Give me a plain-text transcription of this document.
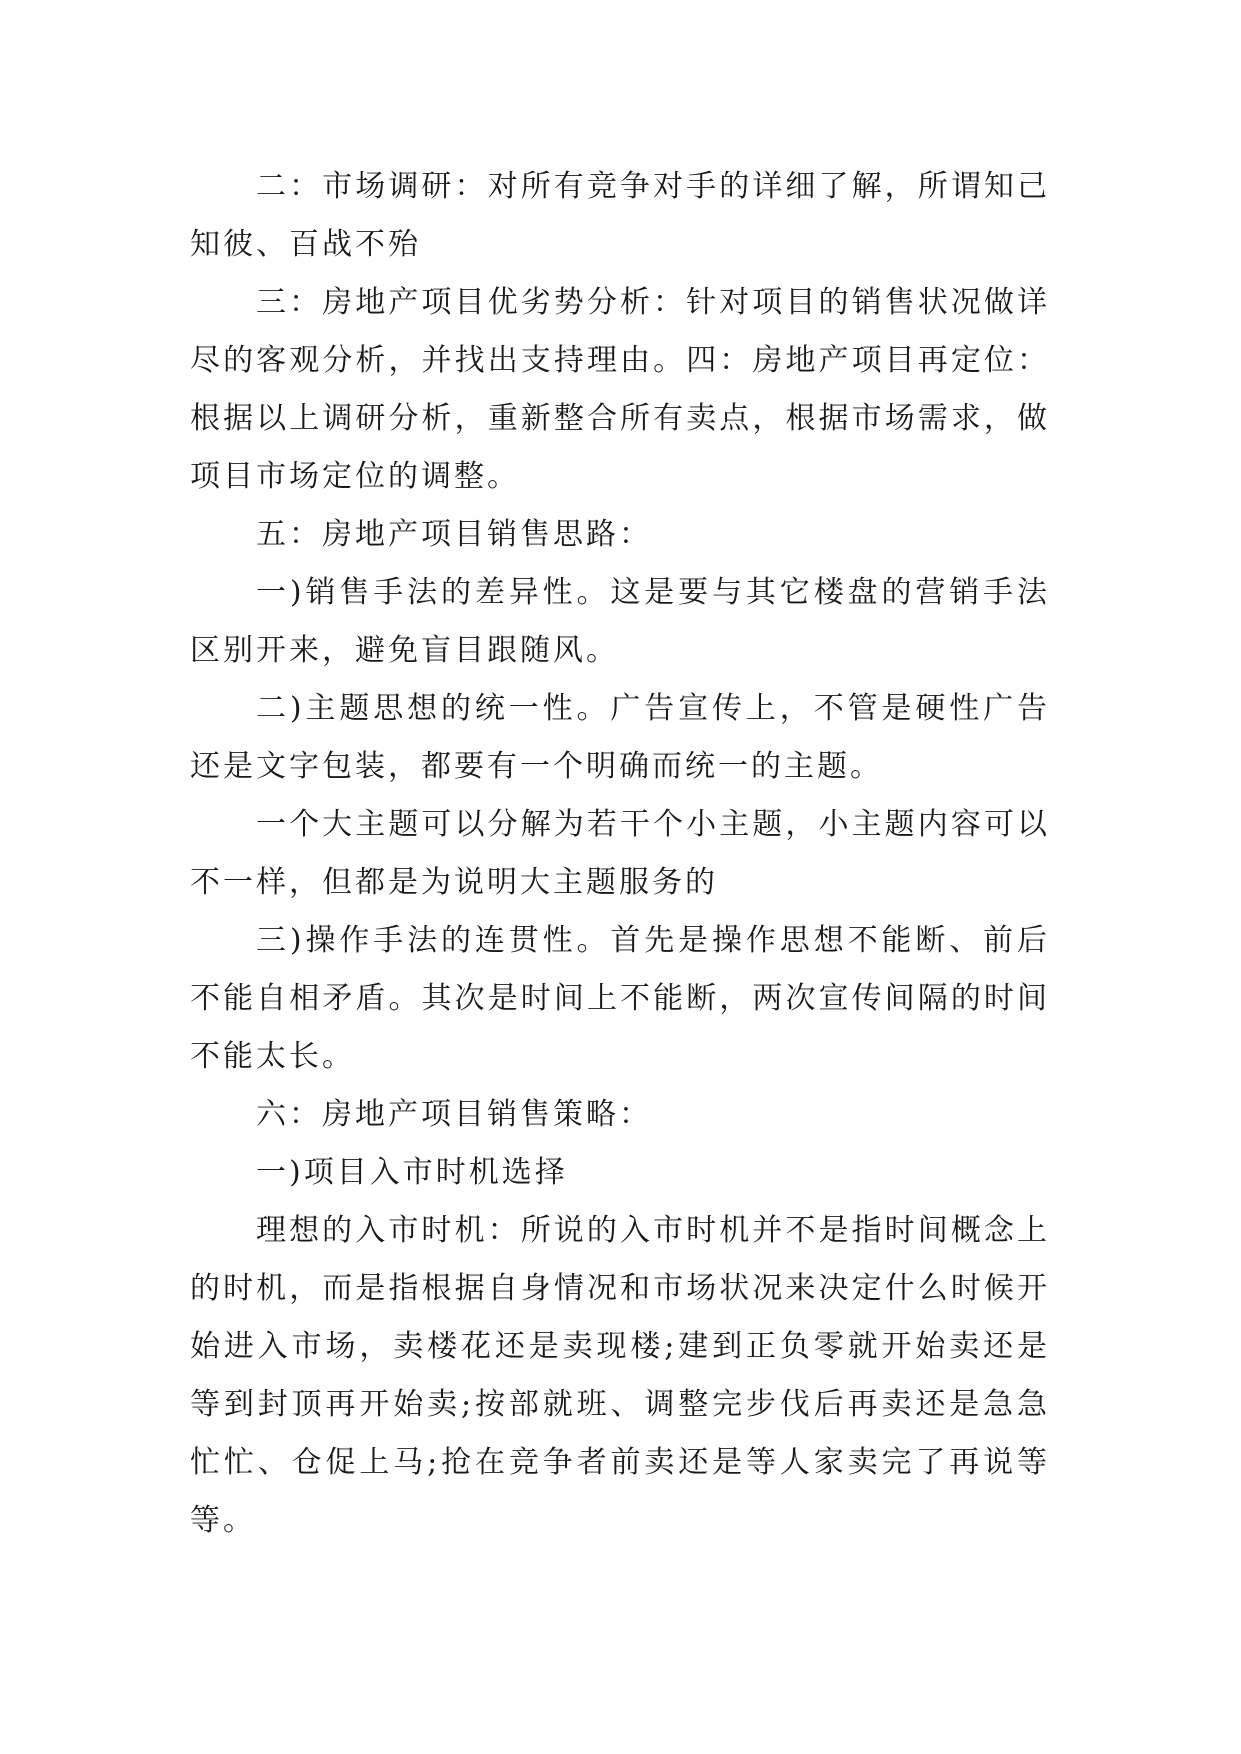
二：市场调研：对所有竞争对手的详细了解，所谓知己知彼、百战不殆

三：房地产项目优劣势分析：针对项目的销售状况做详尽的客观分析，并找出支持理由。四：房地产项目再定位：根据以上调研分析，重新整合所有卖点，根据市场需求，做项目市场定位的调整。

五：房地产项目销售思路：

一)销售手法的差异性。这是要与其它楼盘的营销手法区别开来，避免盲目跟随风。

二)主题思想的统一性。广告宣传上，不管是硬性广告还是文字包装，都要有一个明确而统一的主题。

一个大主题可以分解为若干个小主题，小主题内容可以不一样，但都是为说明大主题服务的

三)操作手法的连贯性。首先是操作思想不能断、前后不能自相矛盾。其次是时间上不能断，两次宣传间隔的时间不能太长。

六：房地产项目销售策略：

一)项目入市时机选择

理想的入市时机：所说的入市时机并不是指时间概念上的时机，而是指根据自身情况和市场状况来决定什么时候开始进入市场，卖楼花还是卖现楼;建到正负零就开始卖还是等到封顶再开始卖;按部就班、调整完步伐后再卖还是急急忙忙、仓促上马;抢在竞争者前卖还是等人家卖完了再说等等。
